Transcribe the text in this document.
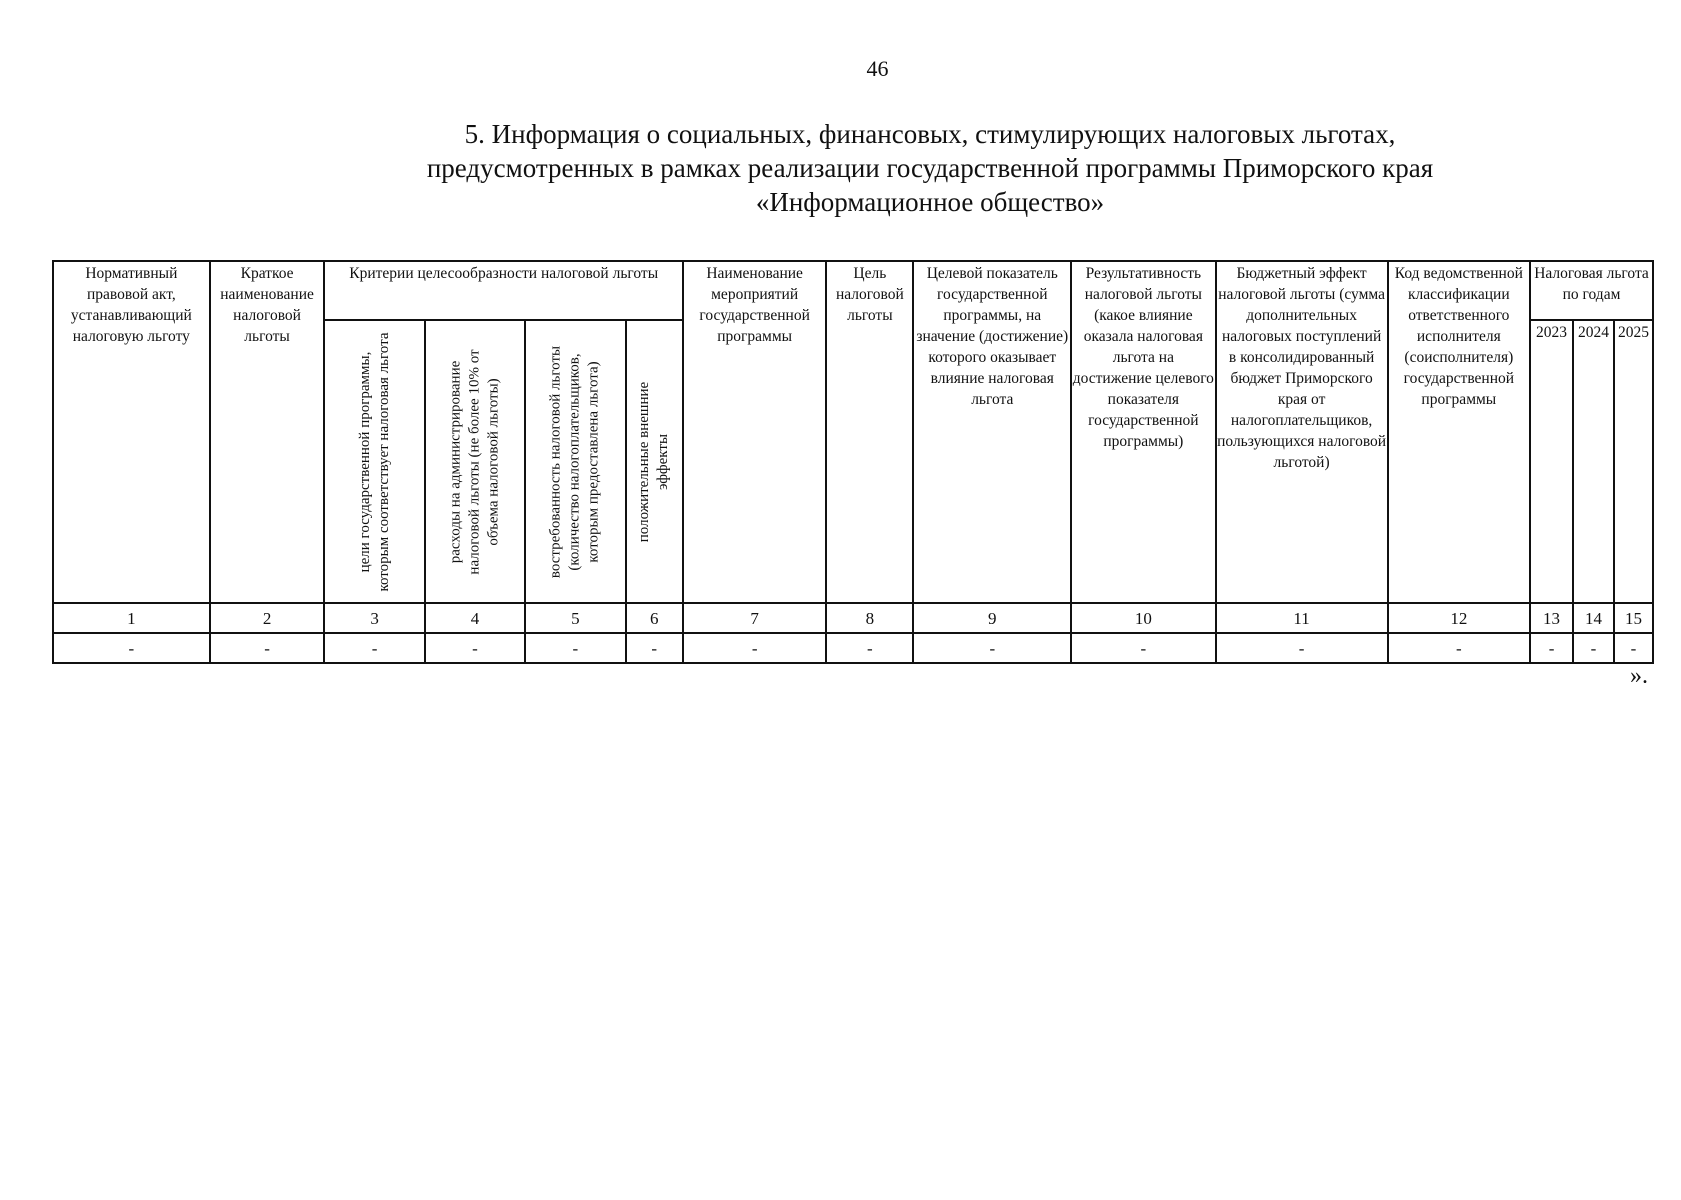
46
5. Информация о социальных, финансовых, стимулирующих налоговых льготах,
предусмотренных в рамках реализации государственной программы Приморского края
«Информационное общество»
Нормативный правовой акт, устанавливающий налоговую льготу	Краткое наименование налоговой льготы	Критерии целесообразности налоговой льготы				Наименование мероприятий государственной программы	Цель налоговой льготы	Целевой показатель государственной программы, на значение (достижение) которого оказывает влияние налоговая льгота	Результативность налоговой льготы (какое влияние оказала налоговая льгота на достижение целевого показателя государственной программы)	Бюджетный эффект налоговой льготы (сумма дополнительных налоговых поступлений в консолидированный бюджет Приморского края от налогоплательщиков, пользующихся налоговой льготой)	Код ведомственной классификации ответственного исполнителя (соисполнителя) государственной программы	Налоговая льгота по годам		

		цели государственной программы, которым соответствует налоговая льгота	расходы на администрирование налоговой льготы (не более 10% от объема налоговой льготы)	востребованность налоговой льготы (количество налогоплательщиков, которым предоставлена льгота)	положительные внешние эффекты							2023	2024	2025
1	2	3	4	5	6	7	8	9	10	11	12	13	14	15
-	-	-	-	-	-	-	-	-	-	-	-	-	-	-
».
